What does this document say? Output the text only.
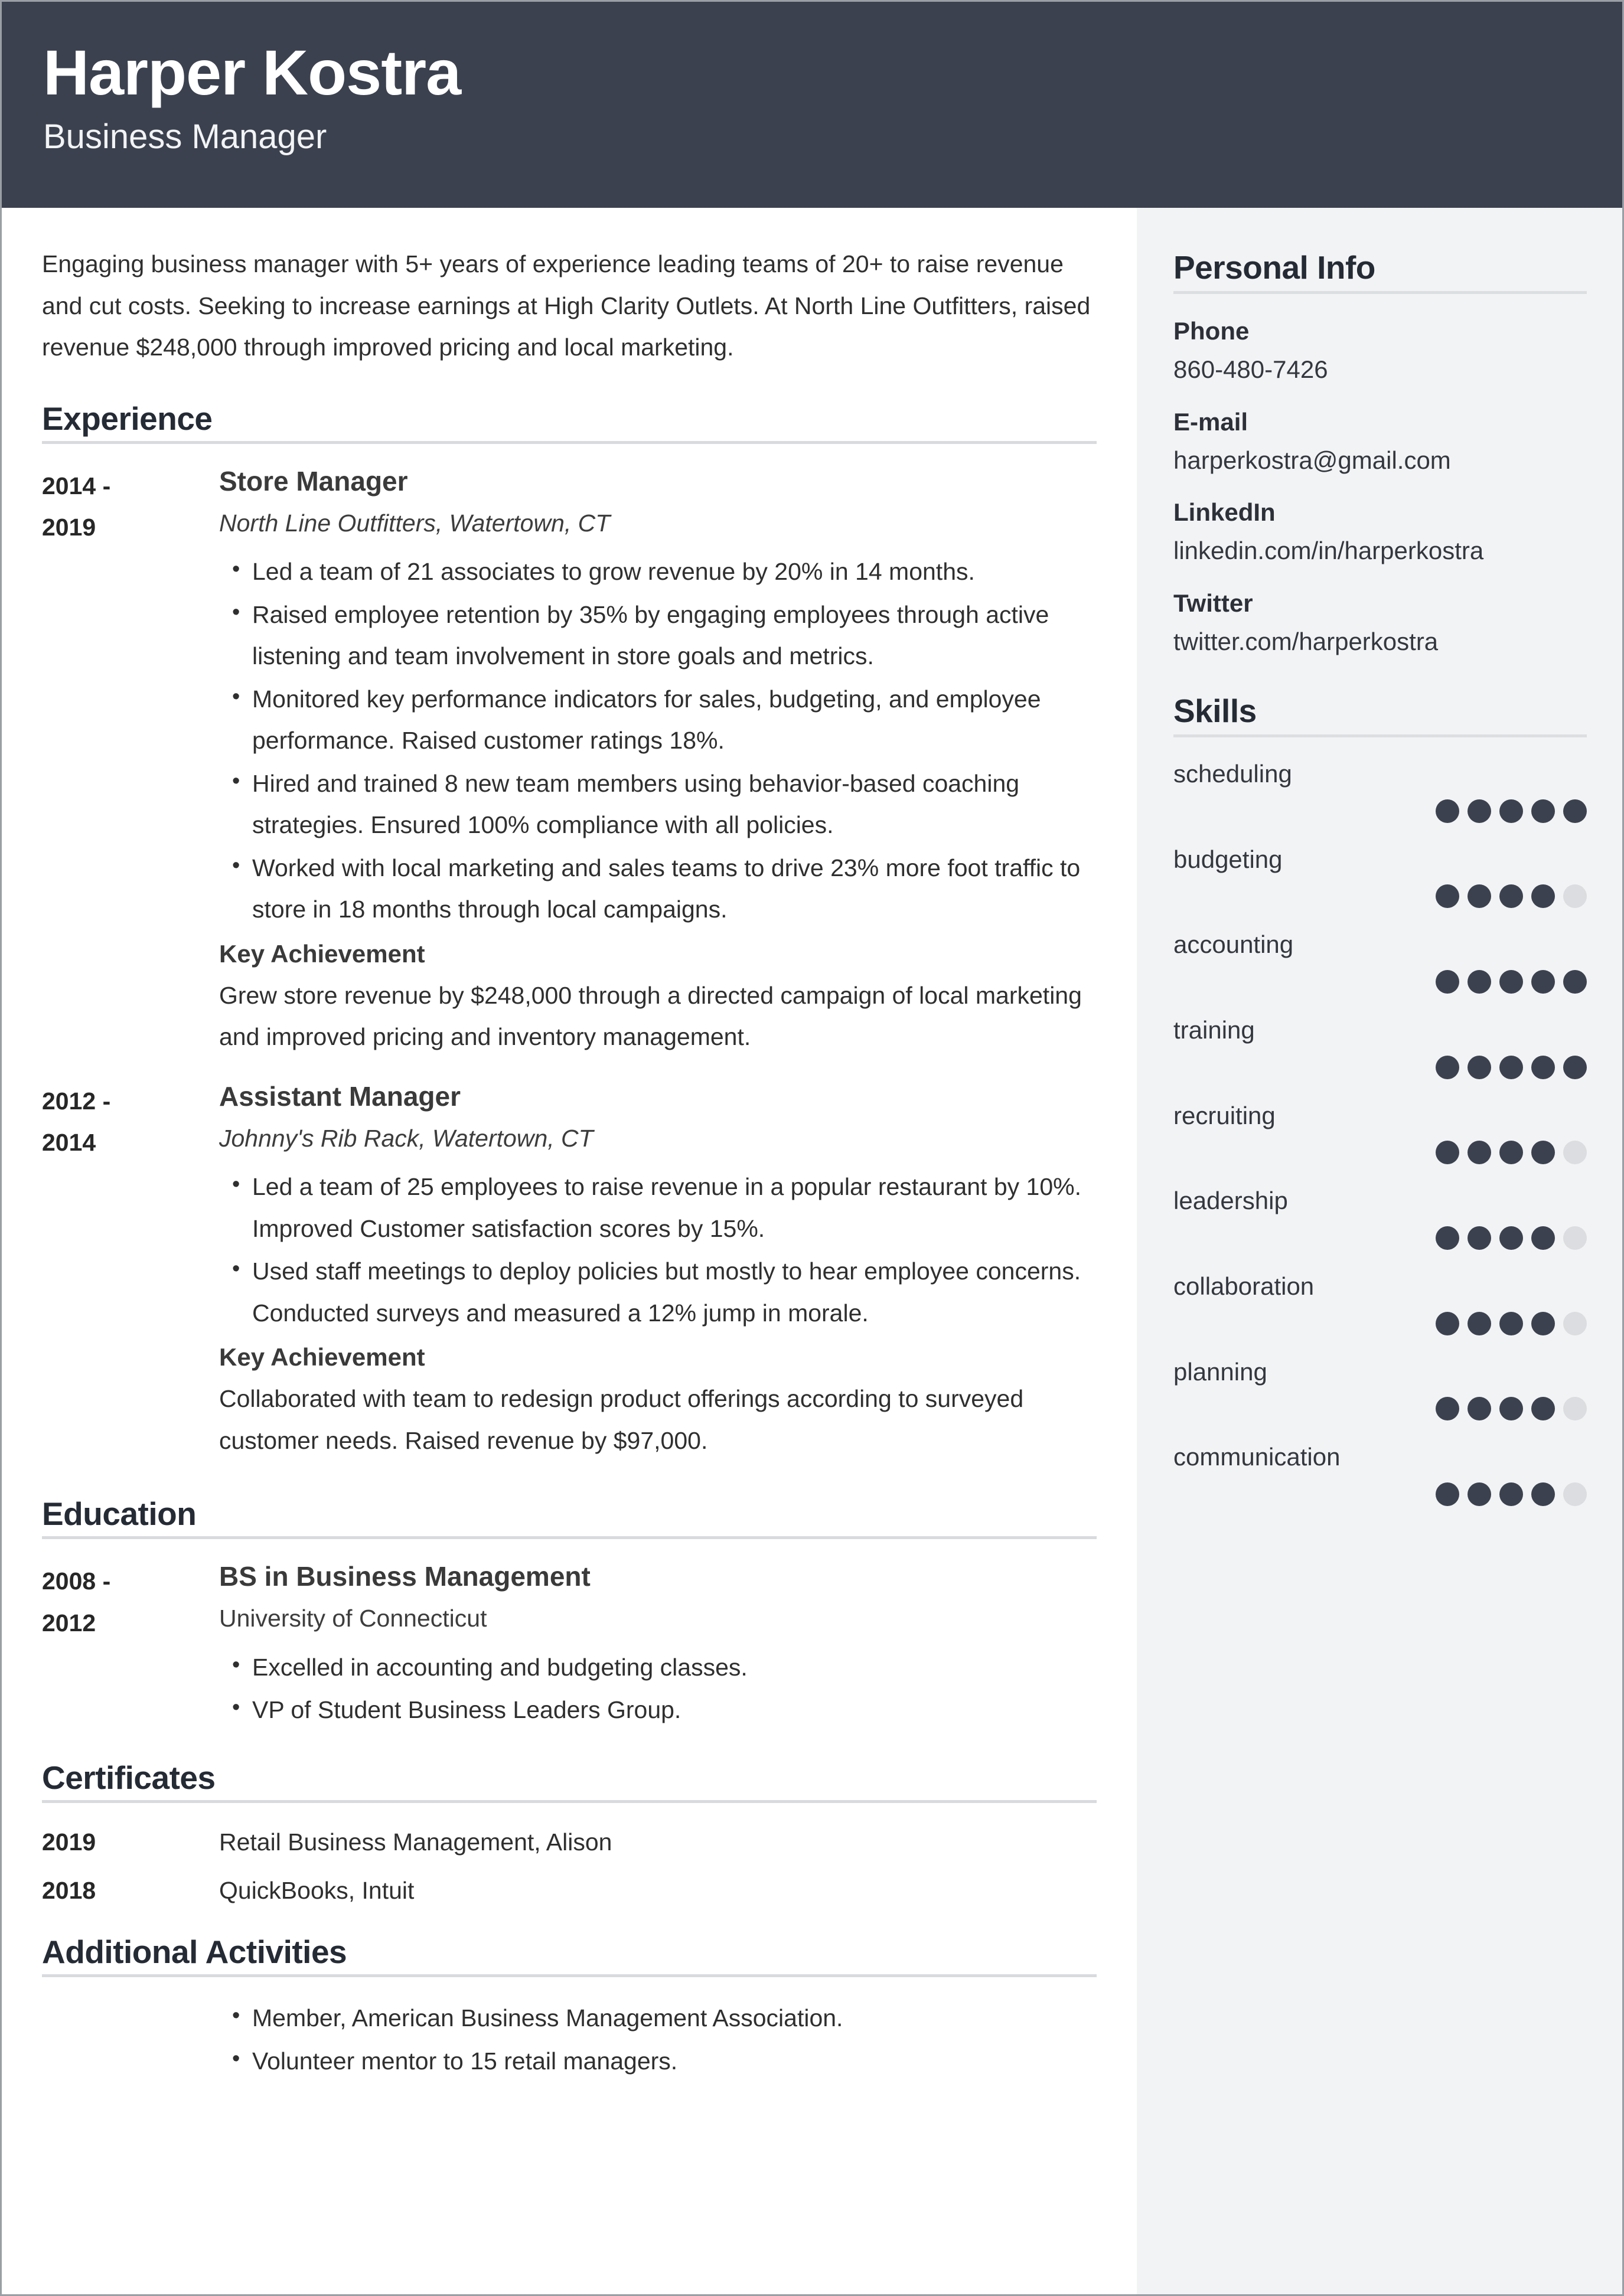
Harper Kostra
Business Manager

Engaging business manager with 5+ years of experience leading teams of 20+ to raise revenue and cut costs. Seeking to increase earnings at High Clarity Outlets. At North Line Outfitters, raised revenue $248,000 through improved pricing and local marketing.

Experience
2014 -
2019
Store Manager
North Line Outfitters, Watertown, CT
• Led a team of 21 associates to grow revenue by 20% in 14 months.
• Raised employee retention by 35% by engaging employees through active listening and team involvement in store goals and metrics.
• Monitored key performance indicators for sales, budgeting, and employee performance. Raised customer ratings 18%.
• Hired and trained 8 new team members using behavior-based coaching strategies. Ensured 100% compliance with all policies.
• Worked with local marketing and sales teams to drive 23% more foot traffic to store in 18 months through local campaigns.
Key Achievement
Grew store revenue by $248,000 through a directed campaign of local marketing and improved pricing and inventory management.
2012 -
2014
Assistant Manager
Johnny's Rib Rack, Watertown, CT
• Led a team of 25 employees to raise revenue in a popular restaurant by 10%. Improved Customer satisfaction scores by 15%.
• Used staff meetings to deploy policies but mostly to hear employee concerns. Conducted surveys and measured a 12% jump in morale.
Key Achievement
Collaborated with team to redesign product offerings according to surveyed customer needs. Raised revenue by $97,000.
Education
2008 -
2012
BS in Business Management
University of Connecticut
• Excelled in accounting and budgeting classes.
• VP of Student Business Leaders Group.
Certificates
2019	Retail Business Management, Alison
2018	QuickBooks, Intuit
Additional Activities
• Member, American Business Management Association.
• Volunteer mentor to 15 retail managers.
Personal Info
Phone
860-480-7426
E-mail
harperkostra@gmail.com
LinkedIn
linkedin.com/in/harperkostra
Twitter
twitter.com/harperkostra
Skills
scheduling
budgeting
accounting
training
recruiting
leadership
collaboration
planning
communication
